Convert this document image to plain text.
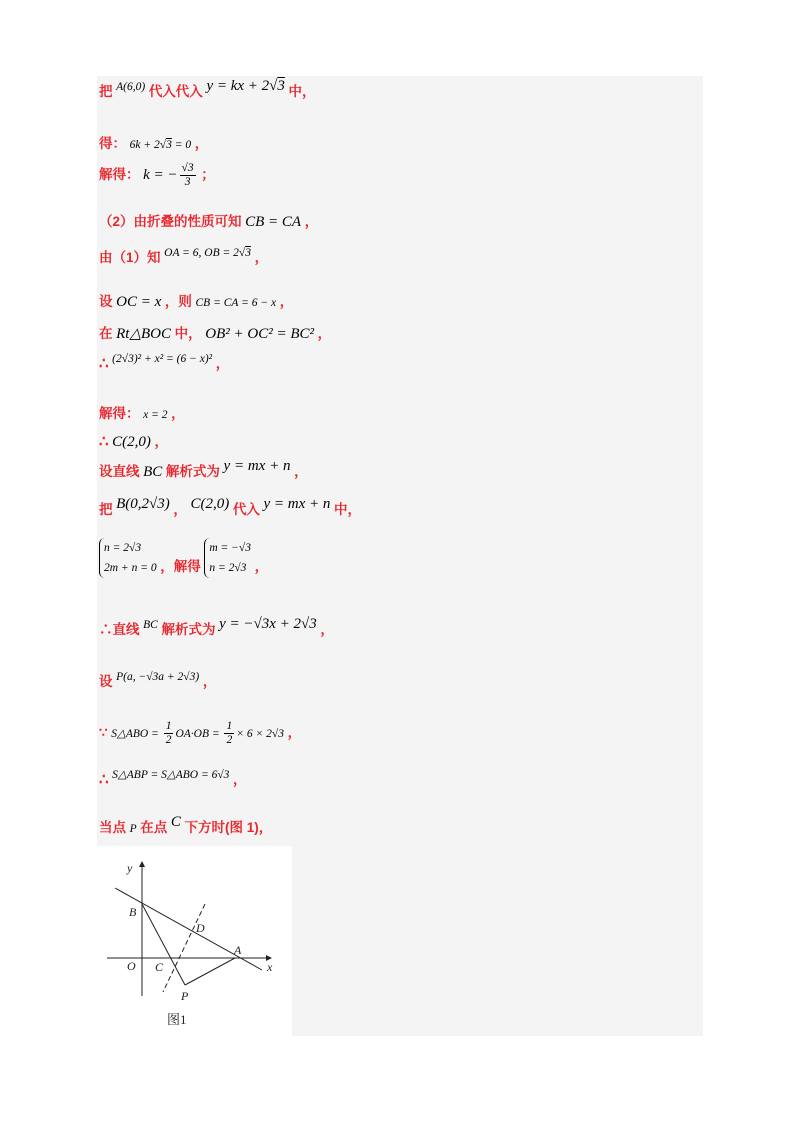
把 A(6,0) 代入代入 y = kx + 2√3 中，
得： 6k + 2√3 = 0 ，
解得： k = − $\frac{√3}{3}$ ；
（2）由折叠的性质可知 CB = CA ，
由（1）知 OA = 6, OB = 2√3 ，
设 OC = x ，则 CB = CA = 6 − x ，
在 Rt△BOC 中， OB² + OC² = BC² ，
∴ (2√3)² + x² = (6 − x)² ，
解得： x = 2 ，
∴ C(2,0) ，
设直线 BC 解析式为 y = mx + n ，
把 B(0,2√3) ， C(2,0) 代入 y = mx + n 中，
n = 2√3
2m + n = 0 ，解得
m = −√3
n = 2√3 ，
∴直线 BC 解析式为 y = −√3x + 2√3 ，
设 P(a, −√3a + 2√3) ，
∵ S△ABO = $\frac{1}{2} OA\cdot OB = \frac{1}{2} \times 6 \times 2√3$ ，
∴ S△ABP = S△ABO = 6√3 ，
当点 P 在点 C 下方时(图 1)，
y
x
O
B
C
D
A
P
图1
